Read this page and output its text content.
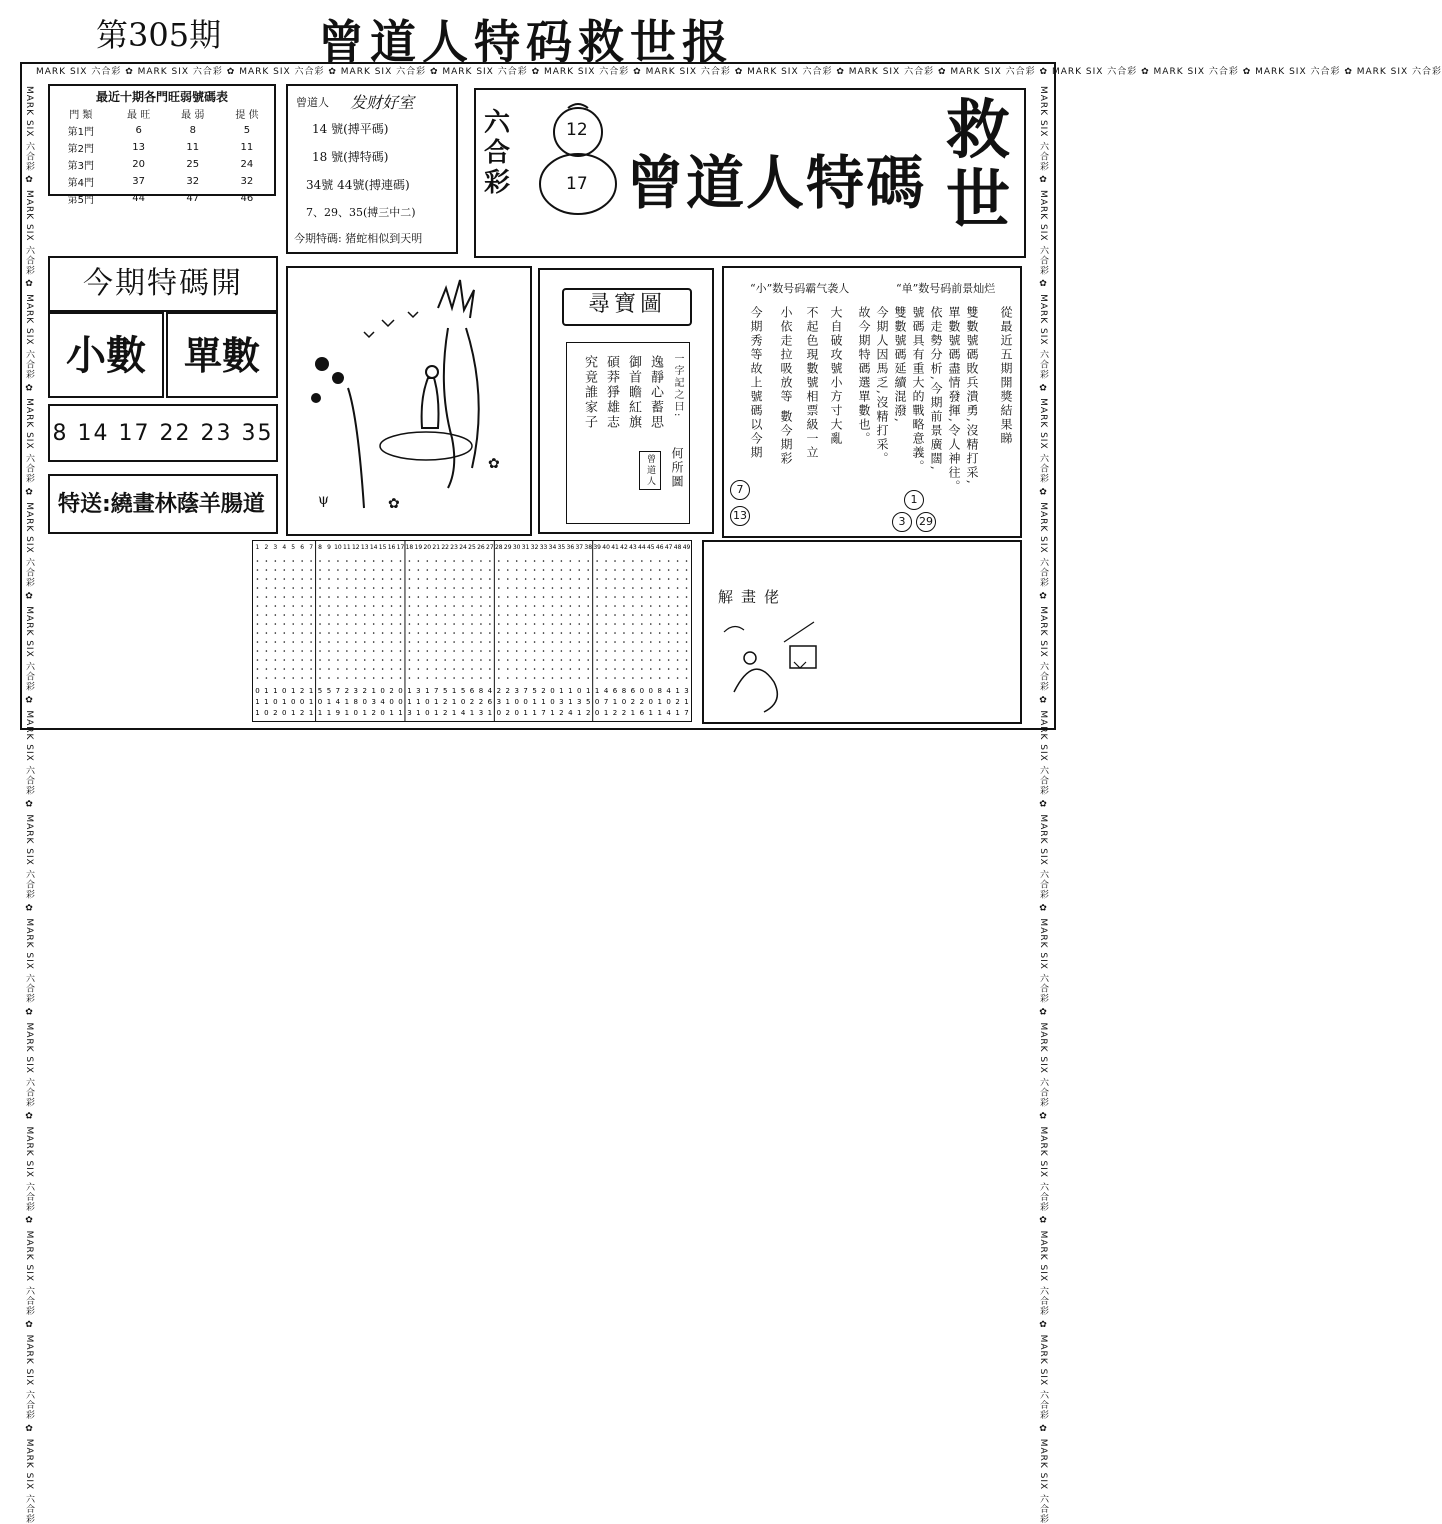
第305期 曾道人特码救世报
MARK SIX 六合彩 ✿ MARK SIX 六合彩 ✿ MARK SIX 六合彩 ✿ MARK SIX 六合彩 ✿ MARK SIX 六合彩 ✿ MARK SIX 六合彩 ✿ MARK SIX 六合彩 ✿ MARK SIX 六合彩 ✿ MARK SIX 六合彩 ✿ MARK SIX 六合彩 ✿ MARK SIX 六合彩 ✿ MARK SIX 六合彩 ✿ MARK SIX 六合彩 ✿ MARK SIX 六合彩
MARK SIX 六合彩 ✿ MARK SIX 六合彩 ✿ MARK SIX 六合彩 ✿ MARK SIX 六合彩 ✿ MARK SIX 六合彩 ✿ MARK SIX 六合彩 ✿ MARK SIX 六合彩 ✿ MARK SIX 六合彩 ✿ MARK SIX 六合彩 ✿ MARK SIX 六合彩 ✿ MARK SIX 六合彩 ✿ MARK SIX 六合彩 ✿ MARK SIX 六合彩 ✿ MARK SIX 六合彩	MARK SIX 六合彩 ✿ MARK SIX 六合彩 ✿ MARK SIX 六合彩 ✿ MARK SIX 六合彩 ✿ MARK SIX 六合彩 ✿ MARK SIX 六合彩 ✿ MARK SIX 六合彩 ✿ MARK SIX 六合彩 ✿ MARK SIX 六合彩 ✿ MARK SIX 六合彩 ✿ MARK SIX 六合彩 ✿ MARK SIX 六合彩 ✿ MARK SIX 六合彩 ✿ MARK SIX 六合彩
最近十期各門旺弱號碼表
門 類	最 旺	最 弱	提 供
第1門	6	8	5
第2門	13	11	11
第3門	20	25	24
第4門	37	32	32
第5門	44	47	46
曾道人 发财好室
14 號(搏平碼)
18 號(搏特碼)
34號 44號(搏連碼)
7、29、35(搏三中二)
今期特碼: 猪蛇相似到天明
六合彩
12
17 曾道人特碼
救世
今期特碼開
小數 單數
8 14 17 22 23 35
特送:繞畫林蔭羊腸道	ψ	✿
✿
尋寶圖
究竟誰家子 碩莽猙雄志 御首瞻紅旗 逸靜心蓄思 一字記之曰:
何所圖
曾道人
“小”数号码霸气袭人	“单”数号码前景灿烂
從最近五期開獎結果睇
雙數號碼敗兵潰勇,沒精打采,
單數號碼盡情發揮,令人神往。
依走勢分析,今期前景廣闊,
號碼具有重大的戰略意義。
雙數號碼延續混潑,
今期人因馬乏,沒精打采。
故今期特碼選單數也。
大自破攻號小方寸大亂
不起色現數號相票級一立
小依走拉吸放等 數今期彩
今期秀等故上號碼以今期
1
3	29
7
13
1 2 3 4 5 6 7 8 9 10 11 12 13 14 15 16 17 18 19 20 21 22 23 24 25 26 27 28 29 30 31 32 33 34 35 36 37 38 39 40 41 42 43 44 45 46 47 48 49
0 1 1 0 1 2 1 5 5 7 2 3 2 1 0 2 0 1 3 1 7 5 1 5 6 8 4 2 2 3 7 5 2 0 1 1 0 1 1 4 6 8 6 0 0 8 4 1 3
1 1 0 1 0 0 1 0 1 4 1 8 0 3 4 0 0 1 1 0 1 2 1 0 2 2 6 3 1 0 0 1 1 0 3 1 3 5 0 7 1 0 2 2 0 1 0 2 1
1 0 2 0 1 2 1 1 1 9 1 0 1 2 0 1 1 3 1 0 1 2 1 4 1 3 1 0 2 0 1 1 7 1 2 4 1 2 0 1 2 2 1 6 1 1 4 1 7
解畫佬
